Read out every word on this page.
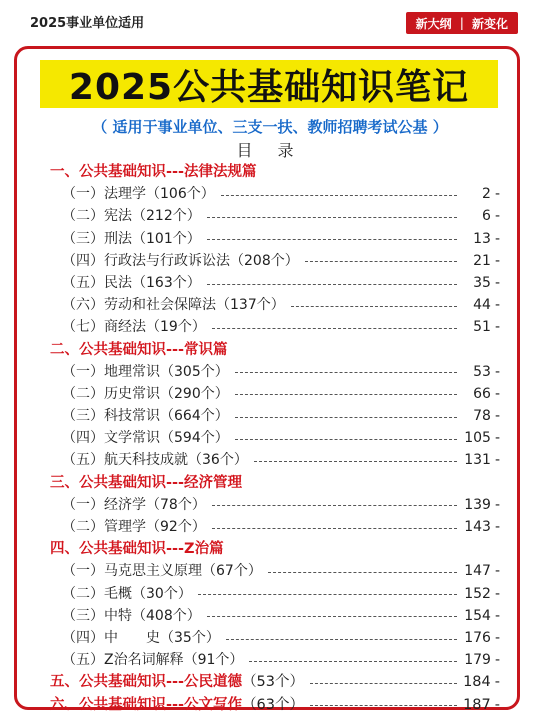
2025事业单位适用	新大纲 | 新变化
2025公共基础知识笔记
（ 适用于事业单位、三支一扶、教师招聘考试公基 ）
目 录
一、公共基础知识---法律法规篇
（一）法理学（106个）	2 -
（二）宪法（212个）	6 -
（三）刑法（101个）	13 -
（四）行政法与行政诉讼法（208个）	21 -
（五）民法（163个）	35 -
（六）劳动和社会保障法（137个）	44 -
（七）商经法（19个）	51 -
二、公共基础知识---常识篇
（一）地理常识（305个）	53 -
（二）历史常识（290个）	66 -
（三）科技常识（664个）	78 -
（四）文学常识（594个）	105 -
（五）航天科技成就（36个）	131 -
三、公共基础知识---经济管理
（一）经济学（78个）	139 -
（二）管理学（92个）	143 -
四、公共基础知识---Z治篇
（一）马克思主义原理（67个）	147 -
（二）毛概（30个）	152 -
（三）中特（408个）	154 -
（四）中　　史（35个）	176 -
（五）Z治名词解释（91个）	179 -
五、公共基础知识---公民道德 （53个）	184 -
六、公共基础知识---公文写作 （63个）	187 -
